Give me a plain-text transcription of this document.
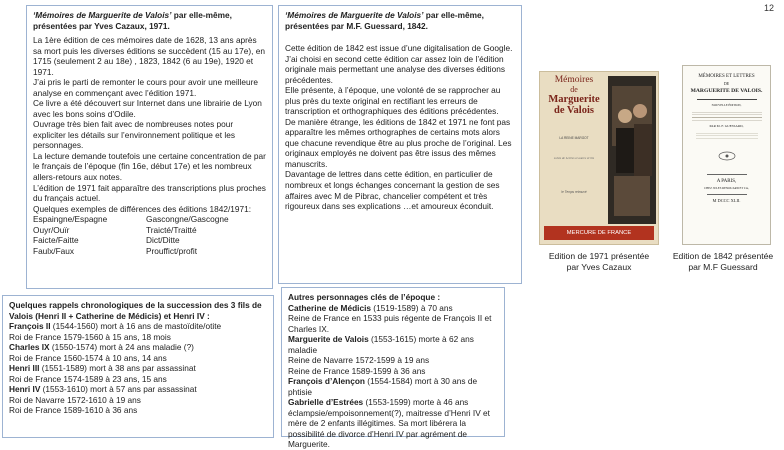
12

‘Mémoires de Marguerite de Valois’ par elle-même,

présentées par Yves Cazaux, 1971.

La 1ère édition de ces mémoires date de 1628, 13 ans après sa mort puis les diverses éditions se succèdent (15 au 17e), en 1715 (seulement 2 au 18e) , 1823, 1842 (6 au 19e), 1920 et 1971.

J’ai pris le parti de remonter le cours pour avoir une meilleure analyse en commençant avec l’édition 1971.

Ce livre a été découvert sur Internet dans une librairie de Lyon avec les bons soins d’Odile.

Ouvrage très bien fait avec de nombreuses notes pour expliciter les détails sur l’environnement politique et les personnages.

La lecture demande toutefois une certaine concentration de par le français de l’époque (fin 16e, début 17e) et les nombreux allers-retours aux notes.

L’édition de 1971 fait apparaître des transcriptions plus proches du français actuel.

Quelques exemples de différences des éditions 1842/1971:

Espaingne/Espagne	Gascongne/Gascogne
Ouyr/Ouïr	Traicté/Traitté
Faicte/Faitte	Dict/Ditte
Faulx/Faux	Prouffict/profit

‘Mémoires de Marguerite de Valois’ par elle-même,

présentées par M.F. Guessard, 1842.

Cette édition de 1842 est issue d’une digitalisation de Google.

J’ai choisi en second cette édition car assez loin de l’édition originale mais permettant une analyse des diverses éditions précédentes.

Elle présente, à l’époque, une volonté de se rapprocher au plus près du texte original en rectifiant les erreurs de transcription et orthographiques des éditions précédentes.

De manière étrange, les éditions de 1842 et 1971 ne font pas apparaître les mêmes orthographes de certains mots alors que chacune revendique être au plus proche de l’original. Les originaux employés ne doivent pas être issus des mêmes manuscrits.

Davantage de lettres dans cette édition, en particulier de nombreux et longs échanges concernant la gestion de ses affaires avec M de Pibrac, chancelier compétent et très rigoureux dans ses explications …et amoureux éconduit.

Quelques rappels chronologiques de la succession des 3 fils de Valois (Henri II + Catherine de Médicis) et Henri IV :

François II (1544-1560) mort à 16 ans de mastoïdite/otite

Roi de France 1579-1560 à 15 ans, 18 mois

Charles IX (1550-1574) mort à 24 ans maladie (?)

Roi de France 1560-1574 à 10 ans, 14 ans

Henri III (1551-1589) mort à 38 ans par assassinat

Roi de France 1574-1589 à 23 ans, 15 ans

Henri IV (1553-1610) mort à 57 ans par assassinat

Roi de Navarre 1572-1610 à 19 ans

Roi de France 1589-1610 à 36 ans

Autres personnages clés de l’époque :

Catherine de Médicis (1519-1589) à 70 ans

Reine de France en 1533 puis régente de François II et Charles IX.

Marguerite de Valois (1553-1615) morte à 62 ans maladie

Reine de Navarre 1572-1599 à 19 ans

Reine de France 1589-1599 à 36 ans

François d’Alençon (1554-1584) mort à 30 ans de phtisie

Gabrielle d’Estrées (1553-1599) morte à 46 ans éclampsie/empoisonnement(?), maitresse d’Henri IV et mère de 2 enfants illégitimes. Sa mort libérera la possibilité de divorce d’Henri IV par agrément de Marguerite.

Mémoires
de
Marguerite
de Valois
LA REINE MARGOT
suivis de Lettres et autres écrits
le Temps retrouvé
MERCURE DE FRANCE
Edition de 1971 présentée
par Yves Cazaux
MÉMOIRES ET LETTRES
DE
MARGUERITE DE VALOIS.
NOUVELLE ÉDITION,
PAR M. F. GUESSARD,
A PARIS,
CHEZ JULES RENOUARD ET Cie,
M DCCC XLII.
Edition de 1842 présentée
par M.F Guessard
